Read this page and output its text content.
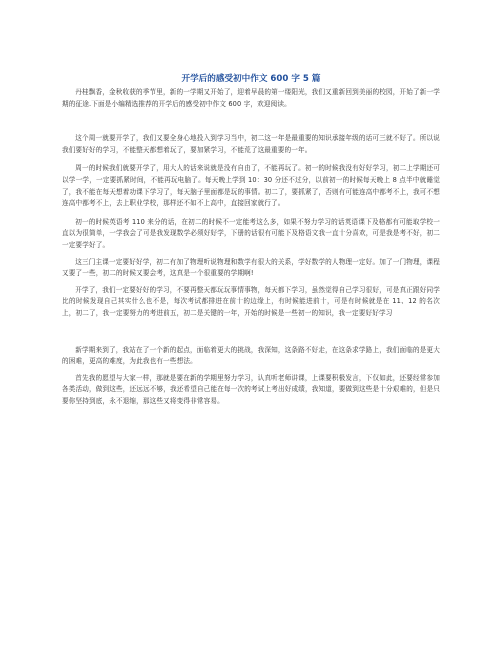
开学后的感受初中作文 600 字 5 篇

丹桂飘香，金秋收获的季节里，新的一学期又开始了，迎着早晨的第一缕阳光，我们又重新回到美丽的校园，开始了新一学期的征途.下面是小编精选推荐的开学后的感受初中作文 600 字，欢迎阅读。

这个周一就要开学了，我们又要全身心地投入到学习当中，初二这一年是最重要的知识承接年级的话可三就不好了。所以说我们要好好的学习，不能整天都想着玩了，要加紧学习，不能荒了这最重要的一年。

周一的时候我们就要开学了，用大人的话来说就是没有自由了，不能再玩了。初一的时候我没有好好学习，初二上学期还可以学一学，一定要抓紧时间，不能再玩电脑了。每天晚上学到 10：30 分还不过分，以前初一的时候每天晚上 8 点半中就睡觉了，我不能在每天想着功课下学习了，每天脑子里面都是玩的事情。初二了，要抓紧了，否则有可能连高中都考不上，我可不想连高中都考不上，去上职业学校，那样还不如不上高中，直接回家就行了。

初一的时候英语考 110 来分的话，在初二的时候不一定能考这么多，如果不努力学习的话英语课下及格都有可能取学校一直以为很简单，一学我会了可是我发现数学必须好好学，下册的话很有可能下及格语文我一直十分喜欢，可是我是考不好，初二一定要学好了。

这三门主课一定要好好学，初二有加了物理听说物理和数学有很大的关系，学好数学的人物理一定好。加了一门物理，课程又要了一些，初二的时候又要会考，这真是一个很重要的学期啊!

开学了，我们一定要好好的学习，不要再整天都玩玩事情事物，每天都下学习，虽然觉得自己学习很好，可是真正跟好同学比的时候发现自己其实什么也不是，每次考试都排进在前十的边缘上，有时候能进前十，可是有时候就是在 11、12 的名次上，初二了，我一定要努力的考进前五，初二是关键的一年，开始的时候是一些初一的知识，我一定要好好学习

新学期来到了，我站在了一个新的起点，面临着更大的挑战，我深知，这条路不好走，在这条求学路上，我们面临的是更大的困难，更高的难度，为此我也有一些想法。

首先我的愿望与大家一样，那就是要在新的学期里努力学习，认真听老师讲课，上课要积极发言，下仅如此，还要经常参加各类活动，做到这些，还远远不够，我还希望自己能在每一次的考试上考出好成绩，我知道，要做到这些是十分艰难的，但是只要你坚持到底，永不退缩，那这些又将变得非常容易。
